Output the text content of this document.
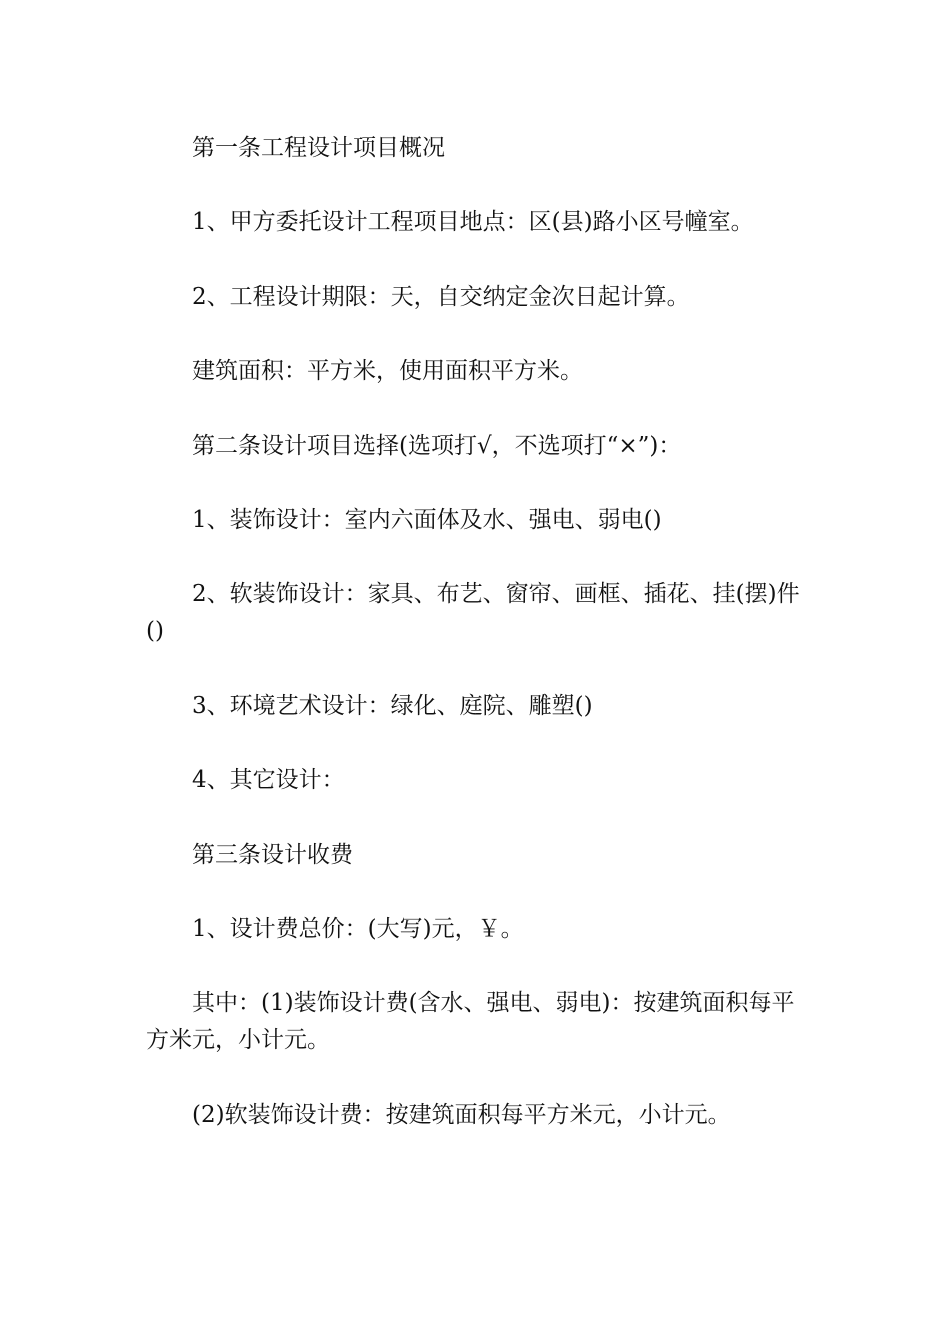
第一条工程设计项目概况

1、甲方委托设计工程项目地点：区(县)路小区号幢室。

2、工程设计期限：天，自交纳定金次日起计算。

建筑面积：平方米，使用面积平方米。

第二条设计项目选择(选项打√，不选项打“×”)：

1、装饰设计：室内六面体及水、强电、弱电()

2、软装饰设计：家具、布艺、窗帘、画框、插花、挂(摆)件()

3、环境艺术设计：绿化、庭院、雕塑()

4、其它设计：

第三条设计收费

1、设计费总价：(大写)元，￥。

其中：(1)装饰设计费(含水、强电、弱电)：按建筑面积每平方米元，小计元。

(2)软装饰设计费：按建筑面积每平方米元，小计元。
